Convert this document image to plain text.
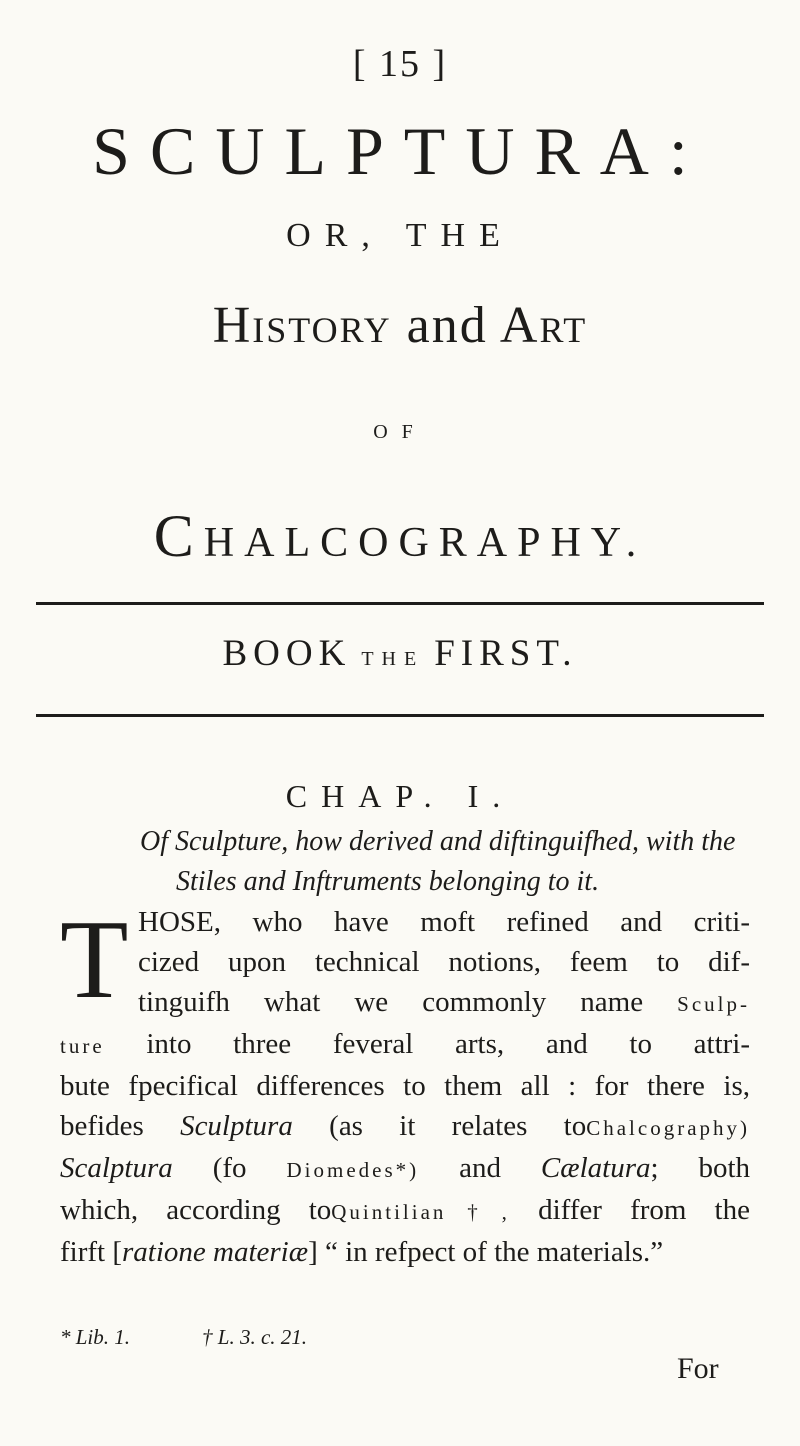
[ 15 ]
SCULPTURA:
OR, THE
HISTORY and ART
OF
CHALCOGRAPHY.
BOOK THE FIRST.
CHAP. I.
Of Sculpture, how derived and diftinguifhed, with the
Stiles and Inftruments belonging to it.
T HOSE, who have moft refined and criti-
cized upon technical notions, feem to dif-
tinguifh what we commonly name Sculp-
ture into three feveral arts, and to attri-
bute fpecifical differences to them all : for there is,
befides Sculptura (as it relates toChalcography)
Scalptura (fo Diomedes*) and Cælatura; both
which, according toQuintilian†, differ from the
firft [ratione materiæ] “ in refpect of the materials.”
* Lib. 1.	† L. 3. c. 21.
For
